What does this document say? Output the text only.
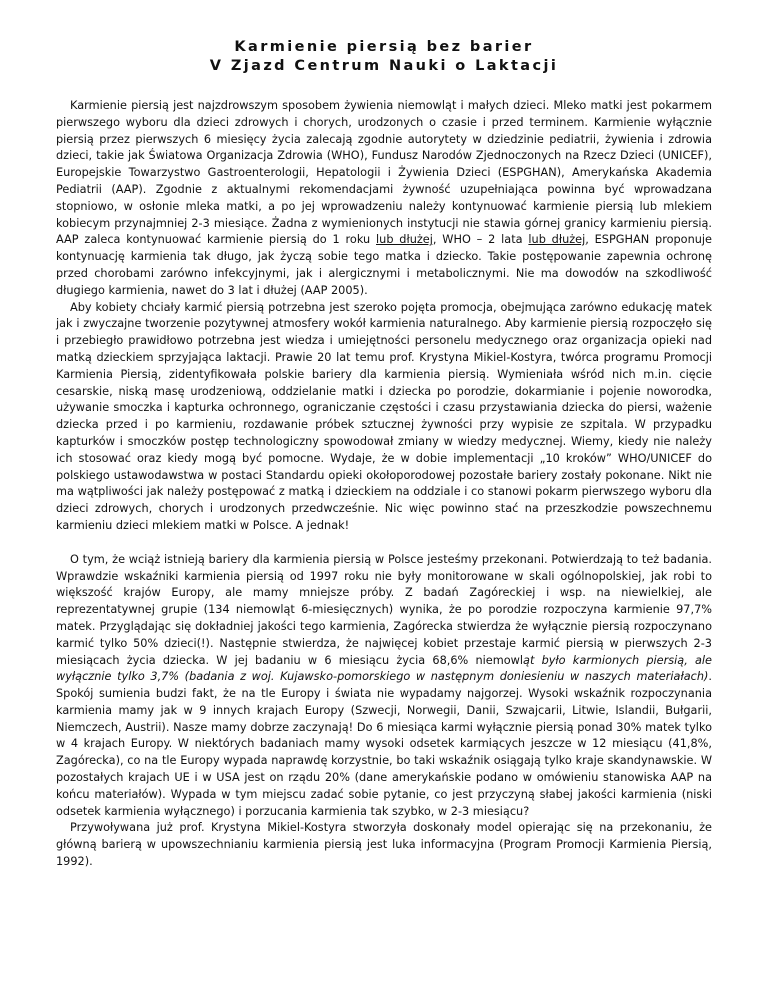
Karmienie piersią bez barier
V Zjazd Centrum Nauki o Laktacji

Karmienie piersią jest najzdrowszym sposobem żywienia niemowląt i małych dzieci. Mleko matki jest pokarmem pierwszego wyboru dla dzieci zdrowych i chorych, urodzonych o czasie i przed terminem. Karmienie wyłącznie piersią przez pierwszych 6 miesięcy życia zalecają zgodnie autorytety w dziedzinie pediatrii, żywienia i zdrowia dzieci, takie jak Światowa Organizacja Zdrowia (WHO), Fundusz Narodów Zjednoczonych na Rzecz Dzieci (UNICEF), Europejskie Towarzystwo Gastroenterologii, Hepatologii i Żywienia Dzieci (ESPGHAN), Amerykańska Akademia Pediatrii (AAP). Zgodnie z aktualnymi rekomendacjami żywność uzupełniająca powinna być wprowadzana stopniowo, w osłonie mleka matki, a po jej wprowadzeniu należy kontynuować karmienie piersią lub mlekiem kobiecym przynajmniej 2-3 miesiące. Żadna z wymienionych instytucji nie stawia górnej granicy karmieniu piersią. AAP zaleca kontynuować karmienie piersią do 1 roku lub dłużej, WHO – 2 lata lub dłużej, ESPGHAN proponuje kontynuację karmienia tak długo, jak życzą sobie tego matka i dziecko. Takie postępowanie zapewnia ochronę przed chorobami zarówno infekcyjnymi, jak i alergicznymi i metabolicznymi. Nie ma dowodów na szkodliwość długiego karmienia, nawet do 3 lat i dłużej (AAP 2005).

Aby kobiety chciały karmić piersią potrzebna jest szeroko pojęta promocja, obejmująca zarówno edukację matek jak i zwyczajne tworzenie pozytywnej atmosfery wokół karmienia naturalnego. Aby karmienie piersią rozpoczęło się i przebiegło prawidłowo potrzebna jest wiedza i umiejętności personelu medycznego oraz organizacja opieki nad matką dzieckiem sprzyjająca laktacji. Prawie 20 lat temu prof. Krystyna Mikiel-Kostyra, twórca programu Promocji Karmienia Piersią, zidentyfikowała polskie bariery dla karmienia piersią. Wymieniała wśród nich m.in. cięcie cesarskie, niską masę urodzeniową, oddzielanie matki i dziecka po porodzie, dokarmianie i pojenie noworodka, używanie smoczka i kapturka ochronnego, ograniczanie częstości i czasu przystawiania dziecka do piersi, ważenie dziecka przed i po karmieniu, rozdawanie próbek sztucznej żywności przy wypisie ze szpitala. W przypadku kapturków i smoczków postęp technologiczny spowodował zmiany w wiedzy medycznej. Wiemy, kiedy nie należy ich stosować oraz kiedy mogą być pomocne. Wydaje, że w dobie implementacji „10 kroków” WHO/UNICEF do polskiego ustawodawstwa w postaci Standardu opieki okołoporodowej pozostałe bariery zostały pokonane. Nikt nie ma wątpliwości jak należy postępować z matką i dzieckiem na oddziale i co stanowi pokarm pierwszego wyboru dla dzieci zdrowych, chorych i urodzonych przedwcześnie. Nic więc powinno stać na przeszkodzie powszechnemu karmieniu dzieci mlekiem matki w Polsce. A jednak!

O tym, że wciąż istnieją bariery dla karmienia piersią w Polsce jesteśmy przekonani. Potwierdzają to też badania. Wprawdzie wskaźniki karmienia piersią od 1997 roku nie były monitorowane w skali ogólnopolskiej, jak robi to większość krajów Europy, ale mamy mniejsze próby. Z badań Zagóreckiej i wsp. na niewielkiej, ale reprezentatywnej grupie (134 niemowląt 6-miesięcznych) wynika, że po porodzie rozpoczyna karmienie 97,7% matek. Przyglądając się dokładniej jakości tego karmienia, Zagórecka stwierdza że wyłącznie piersią rozpoczynano karmić tylko 50% dzieci(!). Następnie stwierdza, że najwięcej kobiet przestaje karmić piersią w pierwszych 2-3 miesiącach życia dziecka. W jej badaniu w 6 miesiącu życia 68,6% niemowląt było karmionych piersią, ale wyłącznie tylko 3,7% (badania z woj. Kujawsko-pomorskiego w następnym doniesieniu w naszych materiałach). Spokój sumienia budzi fakt, że na tle Europy i świata nie wypadamy najgorzej. Wysoki wskaźnik rozpoczynania karmienia mamy jak w 9 innych krajach Europy (Szwecji, Norwegii, Danii, Szwajcarii, Litwie, Islandii, Bułgarii, Niemczech, Austrii). Nasze mamy dobrze zaczynają! Do 6 miesiąca karmi wyłącznie piersią ponad 30% matek tylko w 4 krajach Europy. W niektórych badaniach mamy wysoki odsetek karmiących jeszcze w 12 miesiącu (41,8%, Zagórecka), co na tle Europy wypada naprawdę korzystnie, bo taki wskaźnik osiągają tylko kraje skandynawskie. W pozostałych krajach UE i w USA jest on rządu 20% (dane amerykańskie podano w omówieniu stanowiska AAP na końcu materiałów). Wypada w tym miejscu zadać sobie pytanie, co jest przyczyną słabej jakości karmienia (niski odsetek karmienia wyłącznego) i porzucania karmienia tak szybko, w 2-3 miesiącu?

Przywoływana już prof. Krystyna Mikiel-Kostyra stworzyła doskonały model opierając się na przekonaniu, że główną barierą w upowszechnianiu karmienia piersią jest luka informacyjna (Program Promocji Karmienia Piersią, 1992).
